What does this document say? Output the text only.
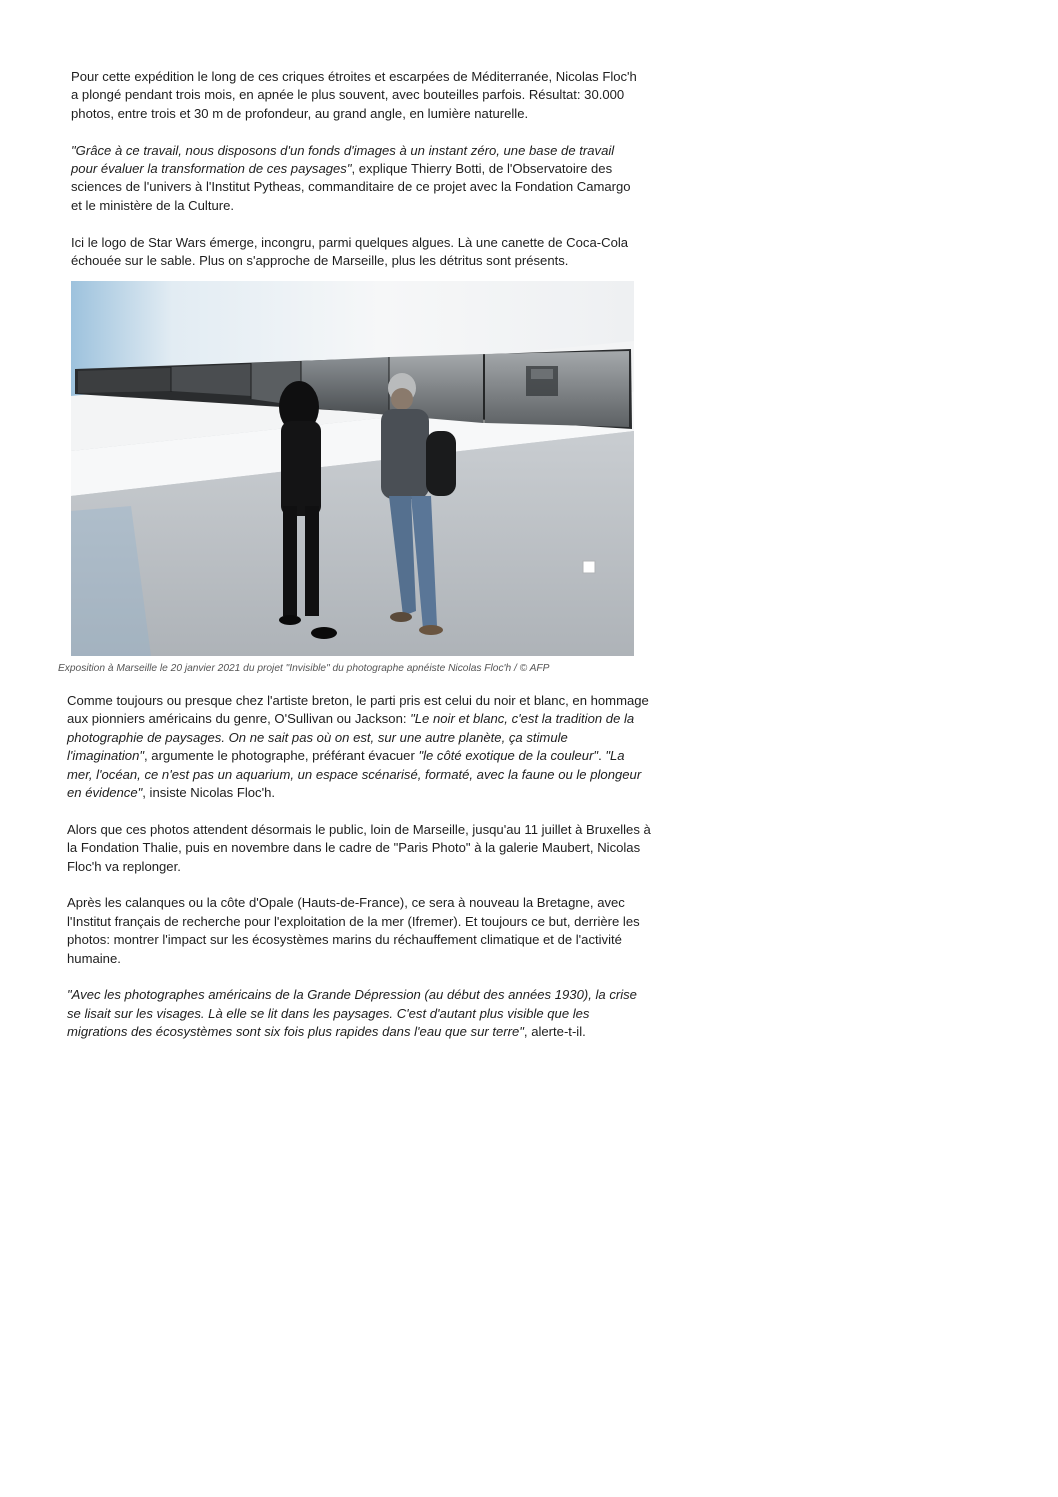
Pour cette expédition le long de ces criques étroites et escarpées de Méditerranée, Nicolas Floc'h a plongé pendant trois mois, en apnée le plus souvent, avec bouteilles parfois. Résultat: 30.000 photos, entre trois et 30 m de profondeur, au grand angle, en lumière naturelle.

"Grâce à ce travail, nous disposons d'un fonds d'images à un instant zéro, une base de travail pour évaluer la transformation de ces paysages", explique Thierry Botti, de l'Observatoire des sciences de l'univers à l'Institut Pytheas, commanditaire de ce projet avec la Fondation Camargo et le ministère de la Culture.

Ici le logo de Star Wars émerge, incongru, parmi quelques algues. Là une canette de Coca-Cola échouée sur le sable. Plus on s'approche de Marseille, plus les détritus sont présents.

Exposition à Marseille le 20 janvier 2021 du projet "Invisible" du photographe apnéiste Nicolas Floc'h / © AFP

Comme toujours ou presque chez l'artiste breton, le parti pris est celui du noir et blanc, en hommage aux pionniers américains du genre, O'Sullivan ou Jackson: "Le noir et blanc, c'est la tradition de la photographie de paysages. On ne sait pas où on est, sur une autre planète, ça stimule l'imagination", argumente le photographe, préférant évacuer "le côté exotique de la couleur". "La mer, l'océan, ce n'est pas un aquarium, un espace scénarisé, formaté, avec la faune ou le plongeur en évidence", insiste Nicolas Floc'h.

Alors que ces photos attendent désormais le public, loin de Marseille, jusqu'au 11 juillet à Bruxelles à la Fondation Thalie, puis en novembre dans le cadre de "Paris Photo" à la galerie Maubert, Nicolas Floc'h va replonger.

Après les calanques ou la côte d'Opale (Hauts-de-France), ce sera à nouveau la Bretagne, avec l'Institut français de recherche pour l'exploitation de la mer (Ifremer). Et toujours ce but, derrière les photos: montrer l'impact sur les écosystèmes marins du réchauffement climatique et de l'activité humaine.

"Avec les photographes américains de la Grande Dépression (au début des années 1930), la crise se lisait sur les visages. Là elle se lit dans les paysages. C'est d'autant plus visible que les migrations des écosystèmes sont six fois plus rapides dans l'eau que sur terre", alerte-t-il.
